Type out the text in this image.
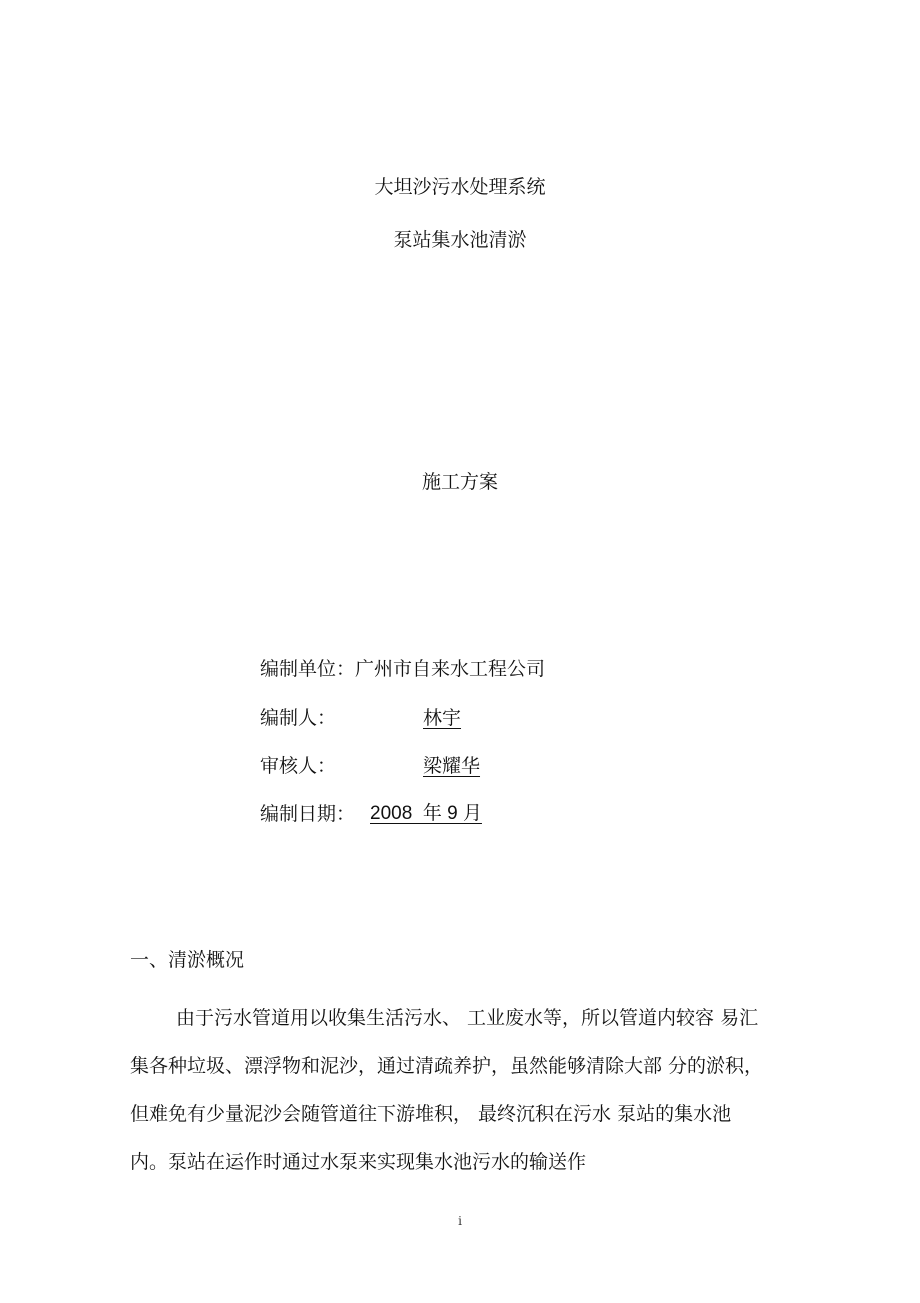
大坦沙污水处理系统
泵站集水池清淤
施工方案
编制单位：广州市自来水工程公司
编制人：	林宇
审核人：	梁耀华
编制日期： 2008  年 9 月
一、清淤概况
由于污水管道用以收集生活污水、 工业废水等，所以管道内较容 易汇
集各种垃圾、漂浮物和泥沙，通过清疏养护，虽然能够清除大部 分的淤积，
但难免有少量泥沙会随管道往下游堆积， 最终沉积在污水 泵站的集水池
内。泵站在运作时通过水泵来实现集水池污水的输送作
i
